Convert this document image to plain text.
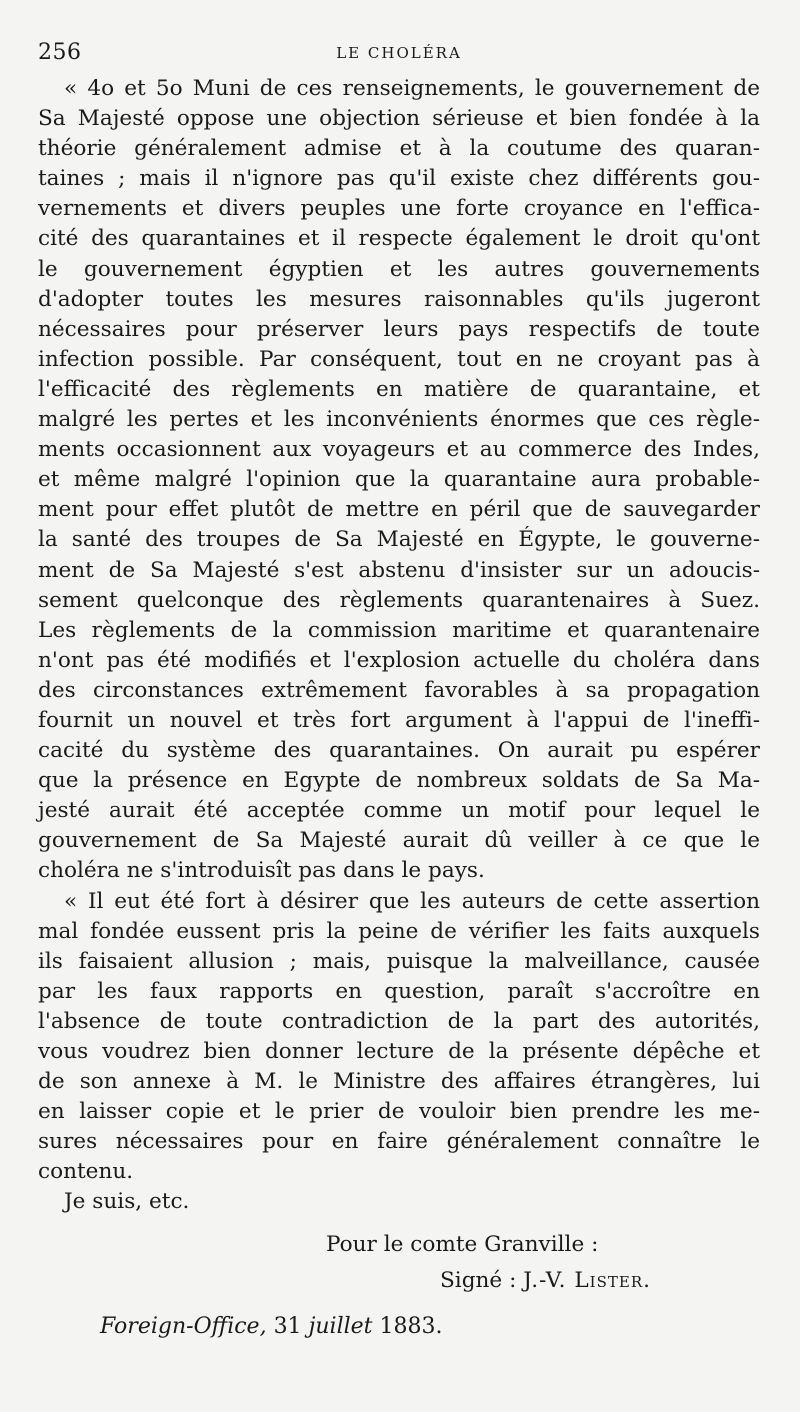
256	LE CHOLÉRA
« 4o et 5o Muni de ces renseignements, le gouvernement de
Sa Majesté oppose une objection sérieuse et bien fondée à la
théorie généralement admise et à la coutume des quaran-
taines ; mais il n'ignore pas qu'il existe chez différents gou-
vernements et divers peuples une forte croyance en l'effica-
cité des quarantaines et il respecte également le droit qu'ont
le gouvernement égyptien et les autres gouvernements
d'adopter toutes les mesures raisonnables qu'ils jugeront
nécessaires pour préserver leurs pays respectifs de toute
infection possible. Par conséquent, tout en ne croyant pas à
l'efficacité des règlements en matière de quarantaine, et
malgré les pertes et les inconvénients énormes que ces règle-
ments occasionnent aux voyageurs et au commerce des Indes,
et même malgré l'opinion que la quarantaine aura probable-
ment pour effet plutôt de mettre en péril que de sauvegarder
la santé des troupes de Sa Majesté en Égypte, le gouverne-
ment de Sa Majesté s'est abstenu d'insister sur un adoucis-
sement quelconque des règlements quarantenaires à Suez.
Les règlements de la commission maritime et quarantenaire
n'ont pas été modifiés et l'explosion actuelle du choléra dans
des circonstances extrêmement favorables à sa propagation
fournit un nouvel et très fort argument à l'appui de l'ineffi-
cacité du système des quarantaines. On aurait pu espérer
que la présence en Egypte de nombreux soldats de Sa Ma-
jesté aurait été acceptée comme un motif pour lequel le
gouvernement de Sa Majesté aurait dû veiller à ce que le
choléra ne s'introduisît pas dans le pays.
« Il eut été fort à désirer que les auteurs de cette assertion
mal fondée eussent pris la peine de vérifier les faits auxquels
ils faisaient allusion ; mais, puisque la malveillance, causée
par les faux rapports en question, paraît s'accroître en
l'absence de toute contradiction de la part des autorités,
vous voudrez bien donner lecture de la présente dépêche et
de son annexe à M. le Ministre des affaires étrangères, lui
en laisser copie et le prier de vouloir bien prendre les me-
sures nécessaires pour en faire généralement connaître le
contenu.
Je suis, etc.
Pour le comte Granville :
Signé : J.-V. Lister.
Foreign-Office, 31 juillet 1883.
